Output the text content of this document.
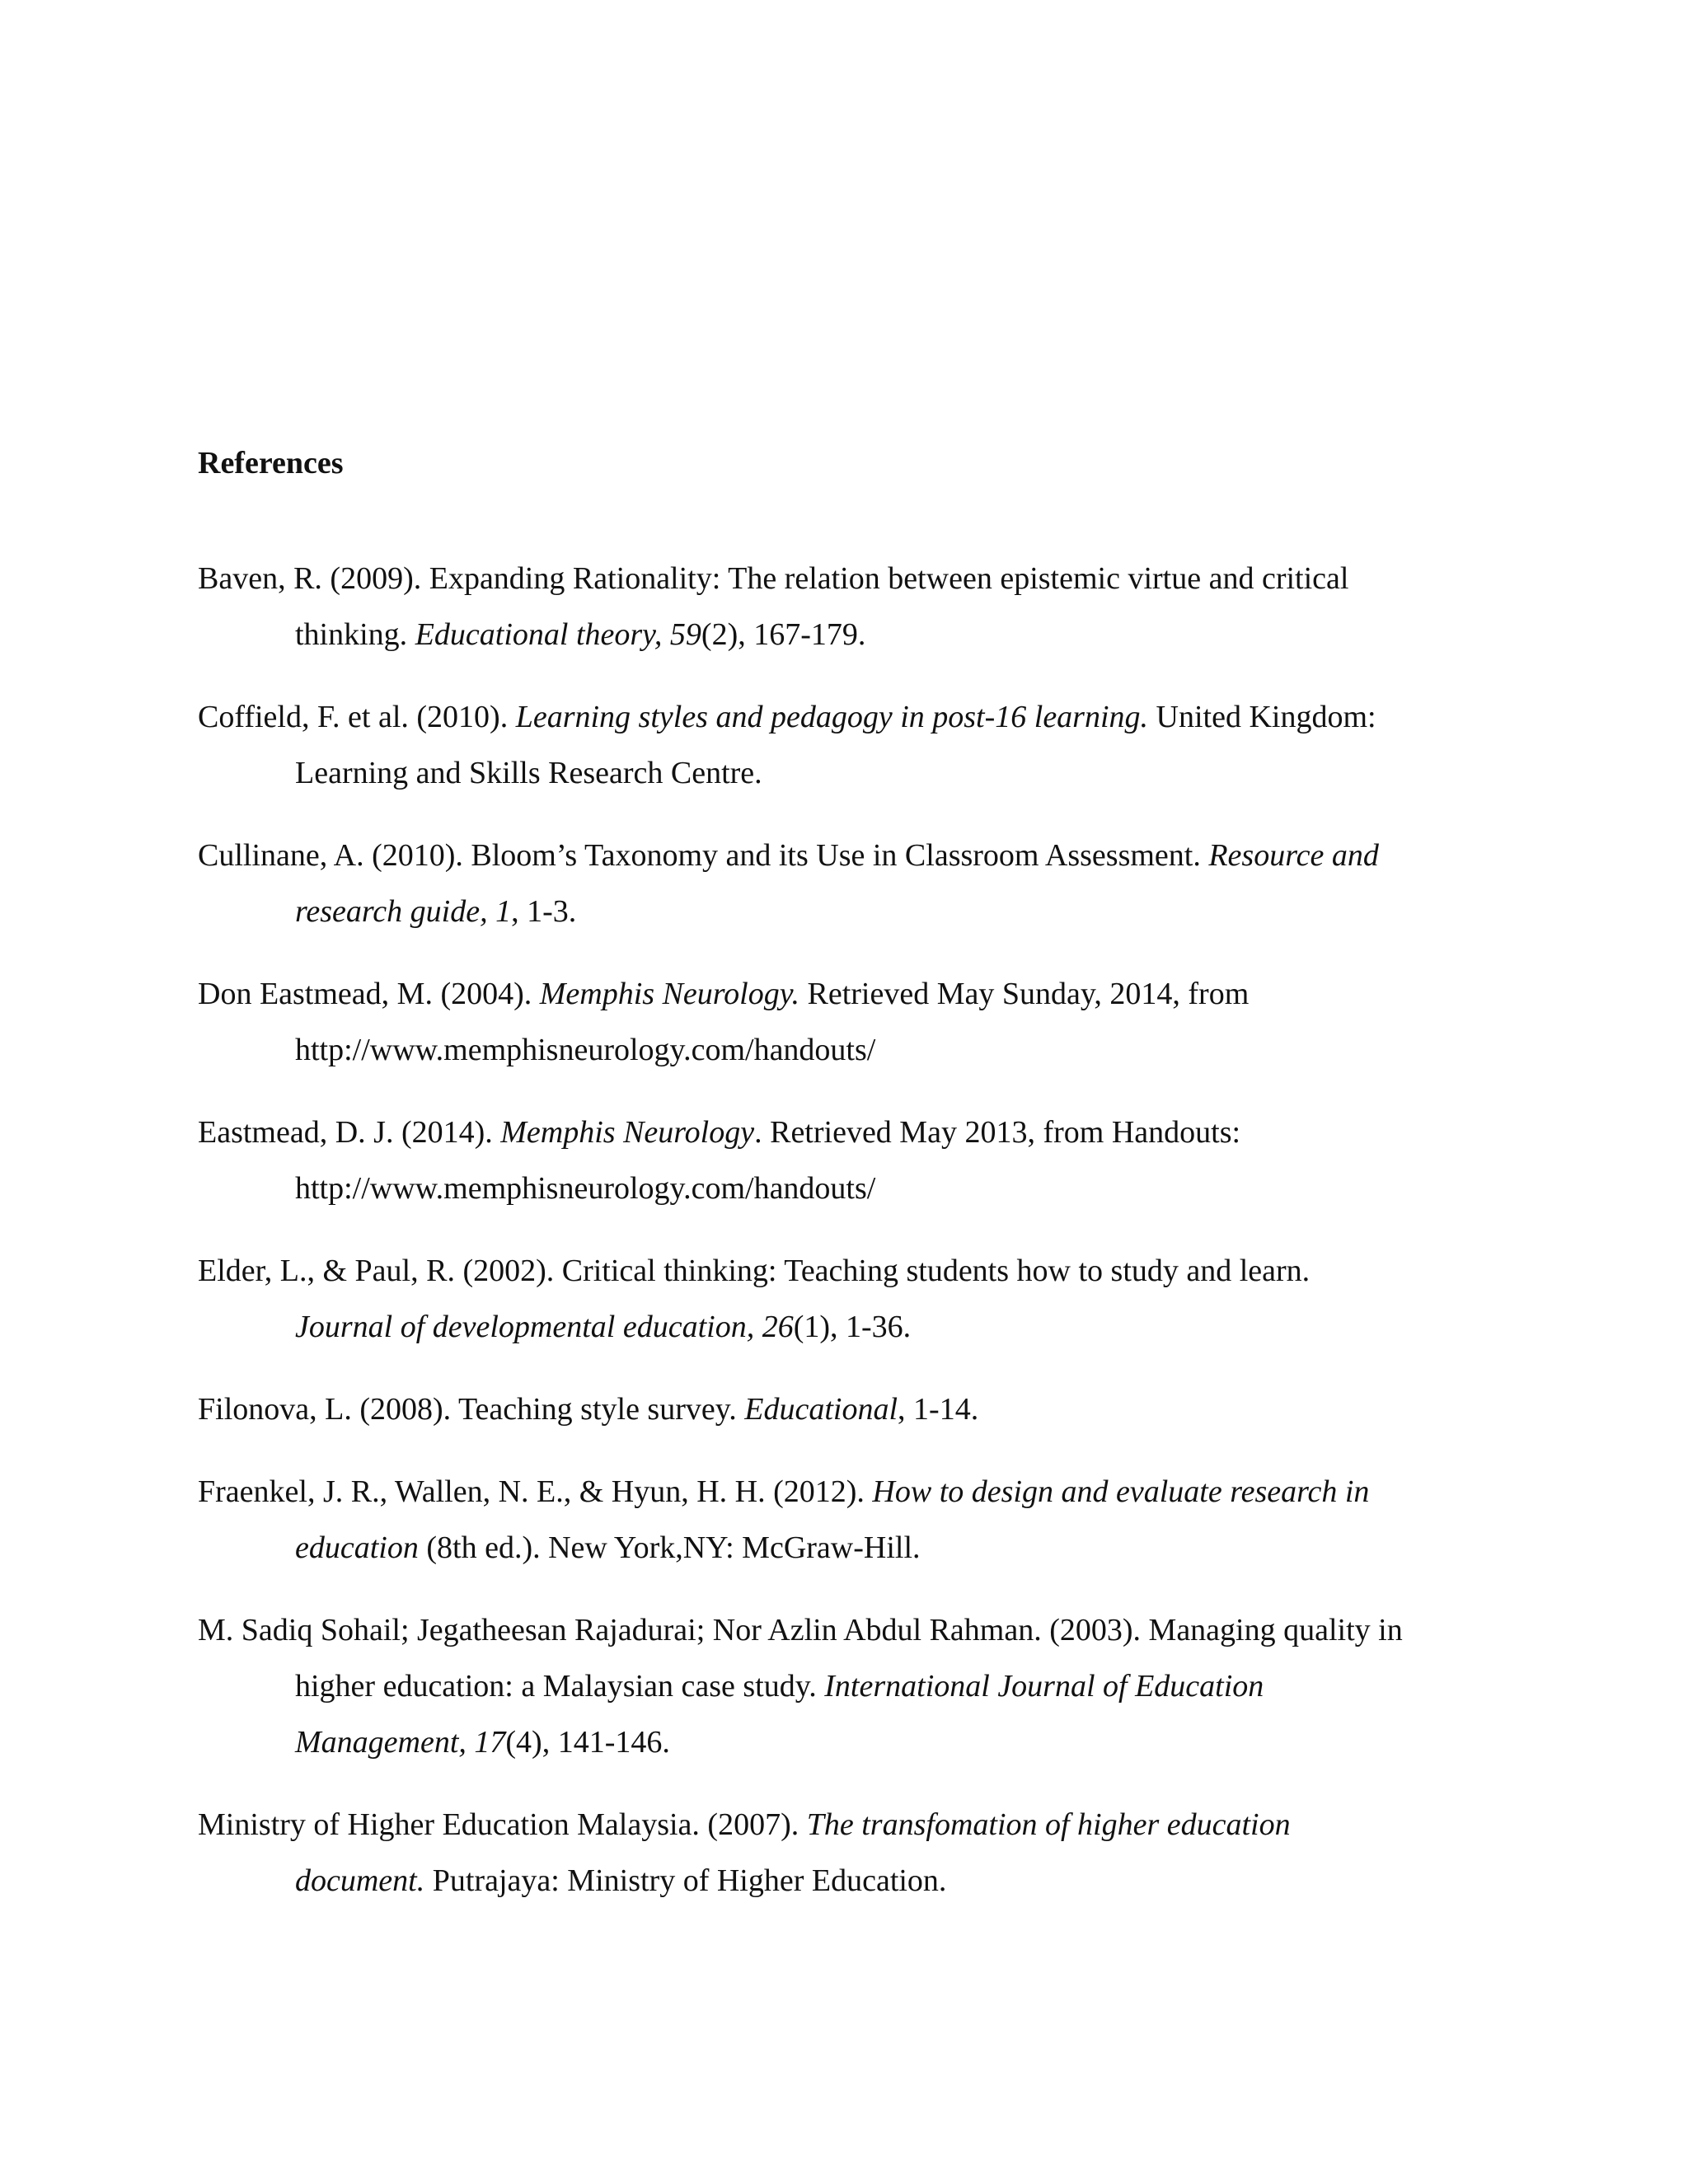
References
Baven, R. (2009). Expanding Rationality: The relation between epistemic virtue and critical
thinking. Educational theory, 59(2), 167-179.
Coffield, F. et al. (2010). Learning styles and pedagogy in post-16 learning. United Kingdom:
Learning and Skills Research Centre.
Cullinane, A. (2010). Bloom’s Taxonomy and its Use in Classroom Assessment. Resource and
research guide, 1, 1-3.
Don Eastmead, M. (2004). Memphis Neurology. Retrieved May Sunday, 2014, from
http://www.memphisneurology.com/handouts/
Eastmead, D. J. (2014). Memphis Neurology. Retrieved May 2013, from Handouts:
http://www.memphisneurology.com/handouts/
Elder, L., & Paul, R. (2002). Critical thinking: Teaching students how to study and learn.
Journal of developmental education, 26(1), 1-36.
Filonova, L. (2008). Teaching style survey. Educational, 1-14.
Fraenkel, J. R., Wallen, N. E., & Hyun, H. H. (2012). How to design and evaluate research in
education (8th ed.). New York,NY: McGraw-Hill.
M. Sadiq Sohail; Jegatheesan Rajadurai; Nor Azlin Abdul Rahman. (2003). Managing quality in
higher education: a Malaysian case study. International Journal of Education
Management, 17(4), 141-146.
Ministry of Higher Education Malaysia. (2007). The transfomation of higher education
document. Putrajaya: Ministry of Higher Education.
